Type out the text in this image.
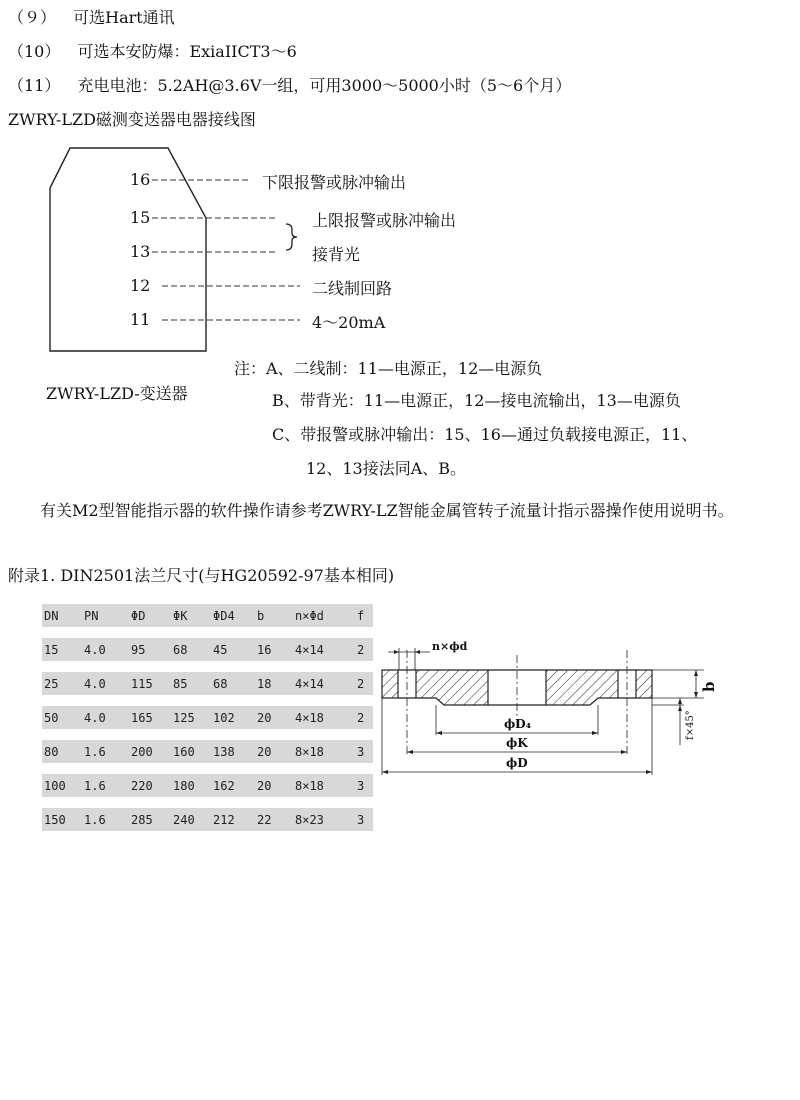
（９） 可选Hart通讯
（10） 可选本安防爆：ExiaIICT3～6
（11） 充电电池：5.2AH@3.6V一组，可用3000～5000小时（5～6个月）
ZWRY-LZD磁测变送器电器接线图
16
15
13
12
11
下限报警或脉冲输出
上限报警或脉冲输出
接背光
二线制回路
4～20mA
ZWRY-LZD-变送器
注：A、二线制：11—电源正，12—电源负
B、带背光：11—电源正，12—接电流输出，13—电源负
C、带报警或脉冲输出：15、16—通过负载接电源正，11、
12、13接法同A、B。
有关M2型智能指示器的软件操作请参考ZWRY-LZ智能金属管转子流量计指示器操作使用说明书。
附录1. DIN2501法兰尺寸(与HG20592-97基本相同)
DN	PN	ΦD	ΦK	ΦD4	b	n×Φd	f

15	4.0	95	68	45	16	4×14	2

25	4.0	115	85	68	18	4×14	2

50	4.0	165	125	102	20	4×18	2

80	1.6	200	160	138	20	8×18	3

100	1.6	220	180	162	20	8×18	3

150	1.6	285	240	212	22	8×23	3
n×ϕd
b
f×45°
ϕD₄
ϕK
ϕD
